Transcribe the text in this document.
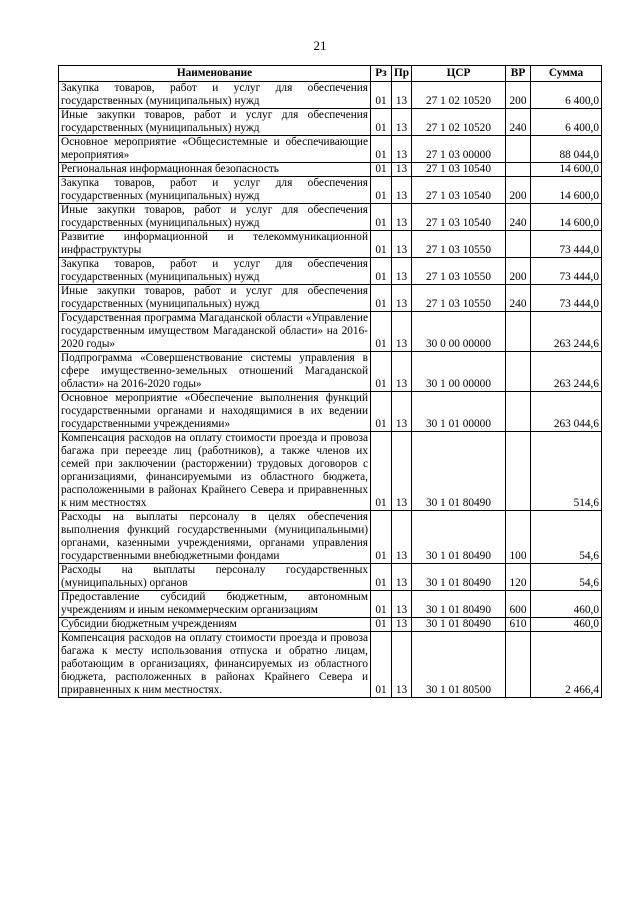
21
Наименование	Рз	Пр	ЦСР	ВР	Сумма
Закупка товаров, работ и услуг для обеспечения государственных (муниципальных) нужд	01	13	27 1 02 10520	200	6 400,0
Иные закупки товаров, работ и услуг для обеспечения государственных (муниципальных) нужд	01	13	27 1 02 10520	240	6 400,0
Основное мероприятие «Общесистемные и обеспечивающие мероприятия»	01	13	27 1 03 00000		88 044,0
Региональная информационная безопасность	01	13	27 1 03 10540		14 600,0
Закупка товаров, работ и услуг для обеспечения государственных (муниципальных) нужд	01	13	27 1 03 10540	200	14 600,0
Иные закупки товаров, работ и услуг для обеспечения государственных (муниципальных) нужд	01	13	27 1 03 10540	240	14 600,0
Развитие информационной и телекоммуникационной инфраструктуры	01	13	27 1 03 10550		73 444,0
Закупка товаров, работ и услуг для обеспечения государственных (муниципальных) нужд	01	13	27 1 03 10550	200	73 444,0
Иные закупки товаров, работ и услуг для обеспечения государственных (муниципальных) нужд	01	13	27 1 03 10550	240	73 444,0
Государственная программа Магаданской области «Управление государственным имуществом Магаданской области» на 2016-2020 годы»	01	13	30 0 00 00000		263 244,6
Подпрограмма «Совершенствование системы управления в сфере имущественно-земельных отношений Магаданской области» на 2016-2020 годы»	01	13	30 1 00 00000		263 244,6
Основное мероприятие «Обеспечение выполнения функций государственными органами и находящимися в их ведении государственными учреждениями»	01	13	30 1 01 00000		263 044,6
Компенсация расходов на оплату стоимости проезда и провоза багажа при переезде лиц (работников), а также членов их семей при заключении (расторжении) трудовых договоров с организациями, финансируемыми из областного бюджета, расположенными в районах Крайнего Севера и приравненных к ним местностях	01	13	30 1 01 80490		514,6
Расходы на выплаты персоналу в целях обеспечения выполнения функций государственными (муниципальными) органами, казенными учреждениями, органами управления государственными внебюджетными фондами	01	13	30 1 01 80490	100	54,6
Расходы на выплаты персоналу государственных (муниципальных) органов	01	13	30 1 01 80490	120	54,6
Предоставление субсидий бюджетным, автономным учреждениям и иным некоммерческим организациям	01	13	30 1 01 80490	600	460,0
Субсидии бюджетным учреждениям	01	13	30 1 01 80490	610	460,0
Компенсация расходов на оплату стоимости проезда и провоза багажа к месту использования отпуска и обратно лицам, работающим в организациях, финансируемых из областного бюджета, расположенных в районах Крайнего Севера и приравненных к ним местностях.	01	13	30 1 01 80500		2 466,4
